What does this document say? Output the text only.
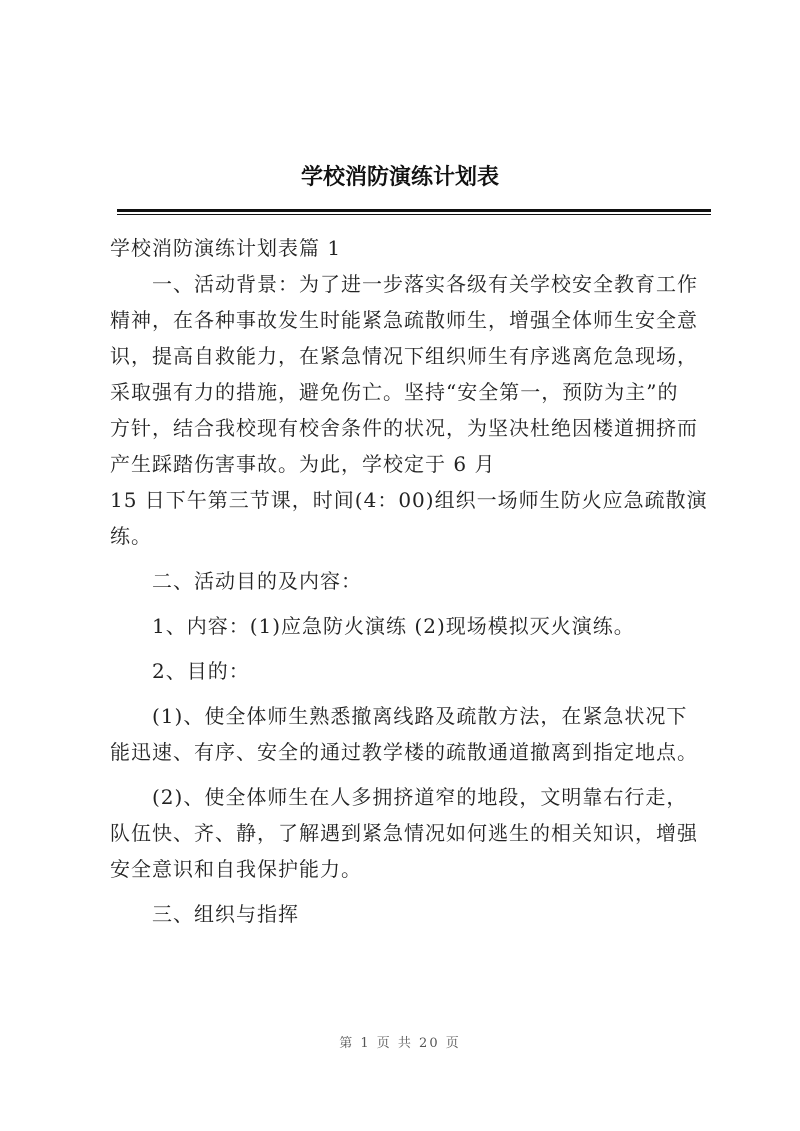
学校消防演练计划表
学校消防演练计划表篇 1
一、活动背景：为了进一步落实各级有关学校安全教育工作
精神，在各种事故发生时能紧急疏散师生，增强全体师生安全意
识，提高自救能力，在紧急情况下组织师生有序逃离危急现场，
采取强有力的措施，避免伤亡。坚持“安全第一，预防为主”的
方针，结合我校现有校舍条件的状况，为坚决杜绝因楼道拥挤而
产生踩踏伤害事故。为此，学校定于 6 月
15 日下午第三节课，时间(4：00)组织一场师生防火应急疏散演
练。
二、活动目的及内容：
1、内容：(1)应急防火演练 (2)现场模拟灭火演练。
2、目的：
(1)、使全体师生熟悉撤离线路及疏散方法，在紧急状况下
能迅速、有序、安全的通过教学楼的疏散通道撤离到指定地点。
(2)、使全体师生在人多拥挤道窄的地段，文明靠右行走，
队伍快、齐、静，了解遇到紧急情况如何逃生的相关知识，增强
安全意识和自我保护能力。
三、组织与指挥
第 1 页 共 20 页
